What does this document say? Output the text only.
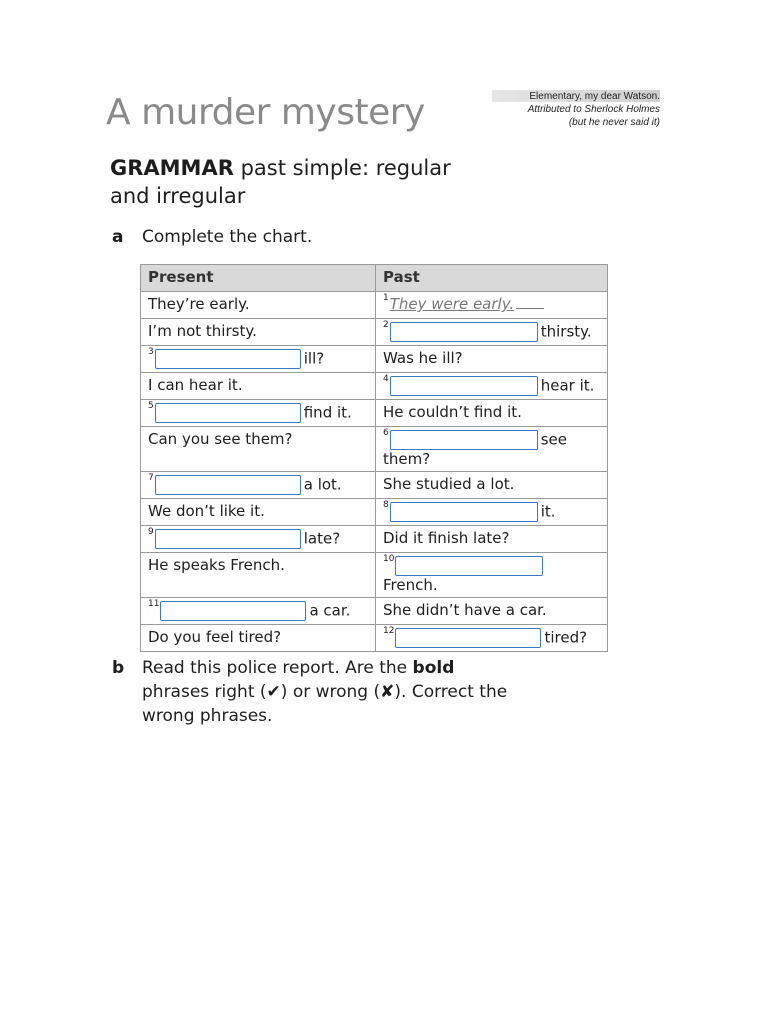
A murder mystery	Elementary, my dear Watson.
Attributed to Sherlock Holmes
(but he never said it)
GRAMMAR past simple: regular
and irregular
a Complete the chart.
Present	Past
They’re early.	$^1$They were early.
I’m not thirsty.	$^2$ thirsty.
$^3$ ill?	Was he ill?
I can hear it.	$^4$ hear it.
$^5$ find it.	He couldn’t find it.
Can you see them?	$^6$ see
them?
$^7$ a lot.	She studied a lot.
We don’t like it.	$^8$ it.
$^9$ late?	Did it finish late?
He speaks French.	$^{10}$French.
$^{11}$ a car.	She didn’t have a car.
Do you feel tired?	$^{12}$ tired?
b Read this police report. Are the bold phrases right (✔) or wrong (✘). Correct the wrong phrases.
